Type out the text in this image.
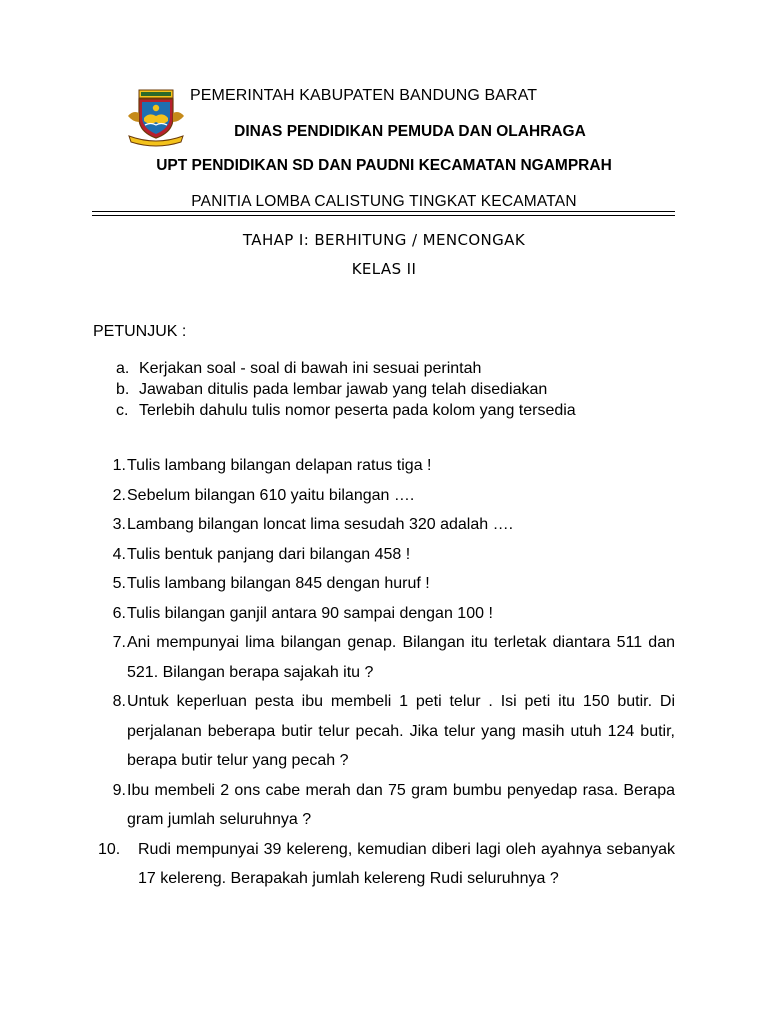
PEMERINTAH KABUPATEN BANDUNG BARAT
DINAS PENDIDIKAN PEMUDA DAN OLAHRAGA
UPT PENDIDIKAN SD DAN PAUDNI KECAMATAN NGAMPRAH
PANITIA LOMBA CALISTUNG TINGKAT KECAMATAN
TAHAP I: BERHITUNG / MENCONGAK
KELAS II
PETUNJUK :
a. Kerjakan soal - soal di bawah ini sesuai perintah
b. Jawaban ditulis pada lembar jawab yang telah disediakan
c. Terlebih dahulu tulis nomor peserta pada kolom yang tersedia
1. Tulis lambang bilangan delapan ratus tiga !
2. Sebelum bilangan 610 yaitu bilangan ….
3. Lambang bilangan loncat lima sesudah 320 adalah ….
4. Tulis bentuk panjang dari bilangan 458 !
5. Tulis lambang bilangan 845 dengan huruf !
6. Tulis bilangan ganjil antara 90 sampai dengan 100 !
7. Ani mempunyai lima bilangan genap. Bilangan itu terletak diantara 511 dan 521. Bilangan berapa sajakah itu ?
8. Untuk keperluan pesta ibu membeli 1 peti telur . Isi peti itu 150 butir. Di perjalanan beberapa butir telur pecah. Jika telur yang masih utuh 124 butir, berapa butir telur yang pecah ?
9. Ibu membeli 2 ons cabe merah dan 75 gram bumbu penyedap rasa. Berapa gram jumlah seluruhnya ?
10.	Rudi mempunyai 39 kelereng, kemudian diberi lagi oleh ayahnya sebanyak 17 kelereng. Berapakah jumlah kelereng Rudi seluruhnya ?
